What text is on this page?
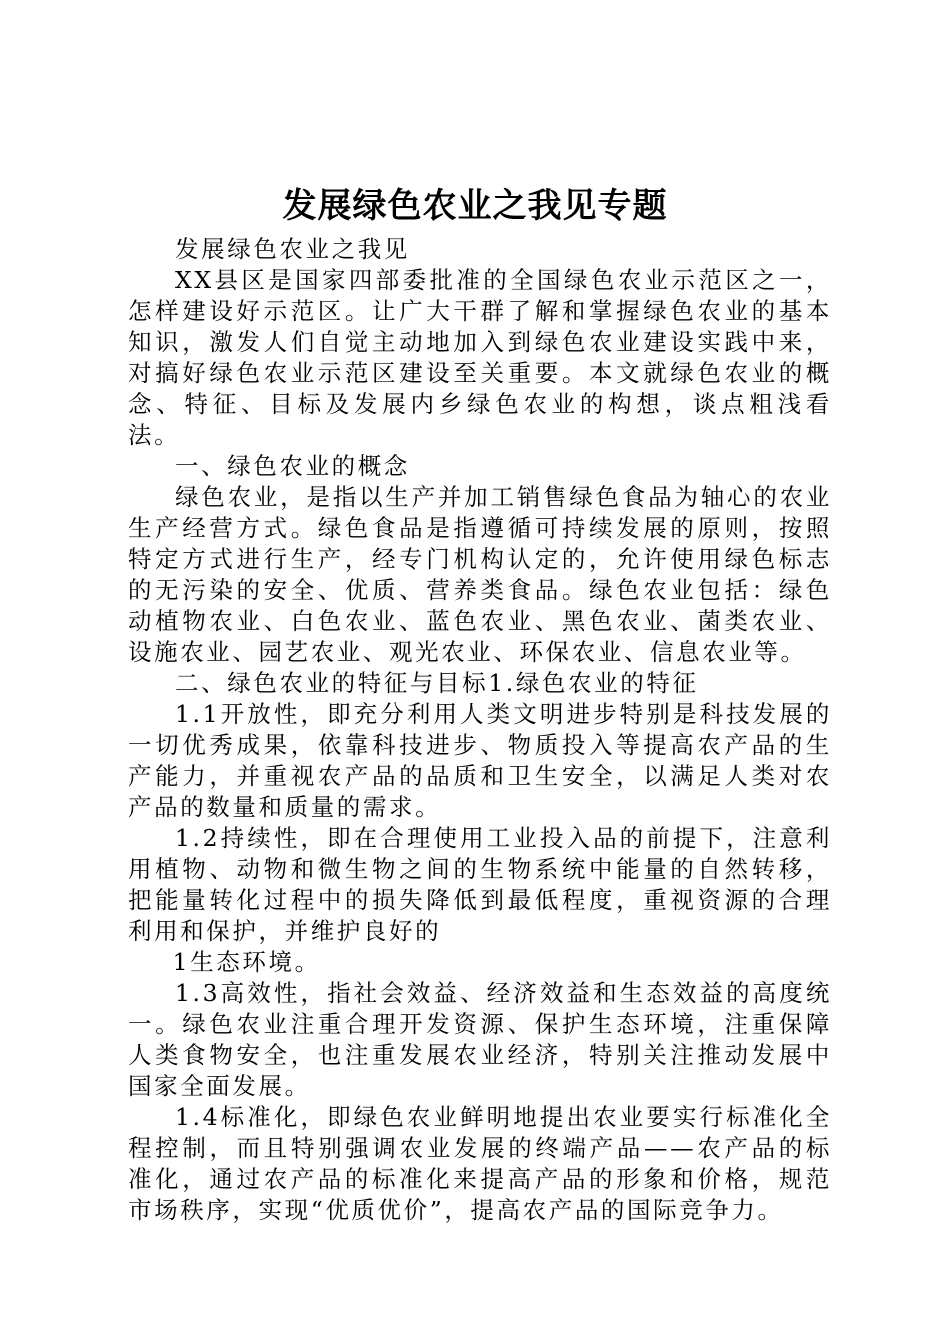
发展绿色农业之我见专题

发展绿色农业之我见

XX县区是国家四部委批准的全国绿色农业示范区之一，怎样建设好示范区。让广大干群了解和掌握绿色农业的基本知识，激发人们自觉主动地加入到绿色农业建设实践中来，对搞好绿色农业示范区建设至关重要。本文就绿色农业的概念、特征、目标及发展内乡绿色农业的构想，谈点粗浅看法。

一、绿色农业的概念

绿色农业，是指以生产并加工销售绿色食品为轴心的农业生产经营方式。绿色食品是指遵循可持续发展的原则，按照特定方式进行生产，经专门机构认定的，允许使用绿色标志的无污染的安全、优质、营养类食品。绿色农业包括：绿色动植物农业、白色农业、蓝色农业、黑色农业、菌类农业、设施农业、园艺农业、观光农业、环保农业、信息农业等。

二、绿色农业的特征与目标1.绿色农业的特征

1.1开放性，即充分利用人类文明进步特别是科技发展的一切优秀成果，依靠科技进步、物质投入等提高农产品的生产能力，并重视农产品的品质和卫生安全，以满足人类对农产品的数量和质量的需求。

1.2持续性，即在合理使用工业投入品的前提下，注意利用植物、动物和微生物之间的生物系统中能量的自然转移，把能量转化过程中的损失降低到最低程度，重视资源的合理利用和保护，并维护良好的

1生态环境。

1.3高效性，指社会效益、经济效益和生态效益的高度统一。绿色农业注重合理开发资源、保护生态环境，注重保障人类食物安全，也注重发展农业经济，特别关注推动发展中国家全面发展。

1.4标准化，即绿色农业鲜明地提出农业要实行标准化全程控制，而且特别强调农业发展的终端产品——农产品的标准化，通过农产品的标准化来提高产品的形象和价格，规范市场秩序，实现“优质优价”，提高农产品的国际竞争力。
